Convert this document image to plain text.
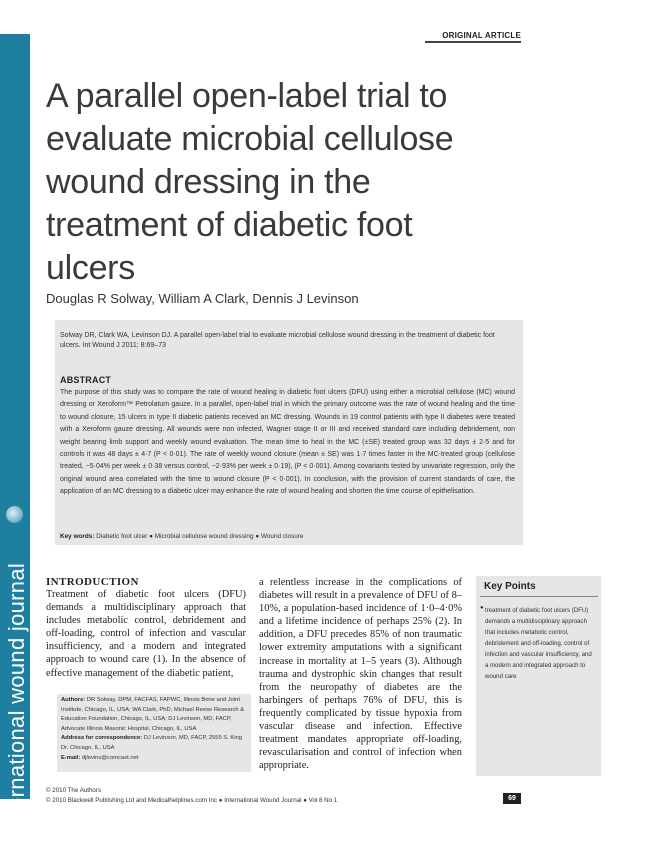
international wound journal
ORIGINAL ARTICLE
A parallel open-label trial to evaluate microbial cellulose wound dressing in the treatment of diabetic foot ulcers
Douglas R Solway, William A Clark, Dennis J Levinson
Solway DR, Clark WA, Levinson DJ. A parallel open-label trial to evaluate microbial cellulose wound dressing in the treatment of diabetic foot ulcers. Int Wound J 2011; 8:69–73
ABSTRACT
The purpose of this study was to compare the rate of wound healing in diabetic foot ulcers (DFU) using either a microbial cellulose (MC) wound dressing or Xeroform™ Petrolatum gauze. In a parallel, open-label trial in which the primary outcome was the rate of wound healing and the time to wound closure, 15 ulcers in type II diabetic patients received an MC dressing. Wounds in 19 control patients with type II diabetes were treated with a Xeroform gauze dressing. All wounds were non infected, Wagner stage II or III and received standard care including debridement, non weight bearing limb support and weekly wound evaluation. The mean time to heal in the MC (±SE) treated group was 32 days ± 2·5 and for controls it was 48 days ± 4·7 (P < 0·01). The rate of weekly wound closure (mean ± SE) was 1·7 times faster in the MC-treated group (cellulose treated, −5·04% per week ± 0·38 versus control, −2·93% per week ± 0·19), (P < 0·001). Among covariants tested by univariate regression, only the original wound area correlated with the time to wound closure (P < 0·001). In conclusion, with the provision of current standards of care, the application of an MC dressing to a diabetic ulcer may enhance the rate of wound healing and shorten the time course of epithelisation.
Key words: Diabetic foot ulcer ● Microbial cellulose wound dressing ● Wound closure
INTRODUCTION
Treatment of diabetic foot ulcers (DFU) demands a multidisciplinary approach that includes metabolic control, debridement and off-loading, control of infection and vascular insufficiency, and a modern and integrated approach to wound care (1). In the absence of effective management of the diabetic patient,
a relentless increase in the complications of diabetes will result in a prevalence of DFU of 8–10%, a population-based incidence of 1·0–4·0% and a lifetime incidence of perhaps 25% (2). In addition, a DFU precedes 85% of non traumatic lower extremity amputations with a significant increase in mortality at 1–5 years (3). Although trauma and dystrophic skin changes that result from the neuropathy of diabetes are the harbingers of perhaps 76% of DFU, this is frequently complicated by tissue hypoxia from vascular disease and infection. Effective treatment mandates appropriate off-loading, revascularisation and control of infection when appropriate.
Authors: DR Solway, DPM, FACFAS, FAPWC, Illinois Bone and Joint Institute, Chicago, IL, USA; WA Clark, PhD, Michael Reese Research & Education Foundation, Chicago, IL, USA; DJ Levinson, MD, FACP, Advocate Illinois Masonic Hospital, Chicago, IL, USA
Address for correspondence: DJ Levinson, MD, FACP, 2555 S. King Dr. Chicago, IL, USA
E-mail: djlevins@comcast.net
Key Points
● treatment of diabetic foot ulcers (DFU) demands a multidisciplinary approach that includes metabolic control, debridement and off-loading, control of infection and vascular insufficiency, and a modern and integrated approach to wound care
© 2010 The Authors
© 2010 Blackwell Publishing Ltd and Medicalhelplines.com Inc ● International Wound Journal ● Vol 8 No 1	69
